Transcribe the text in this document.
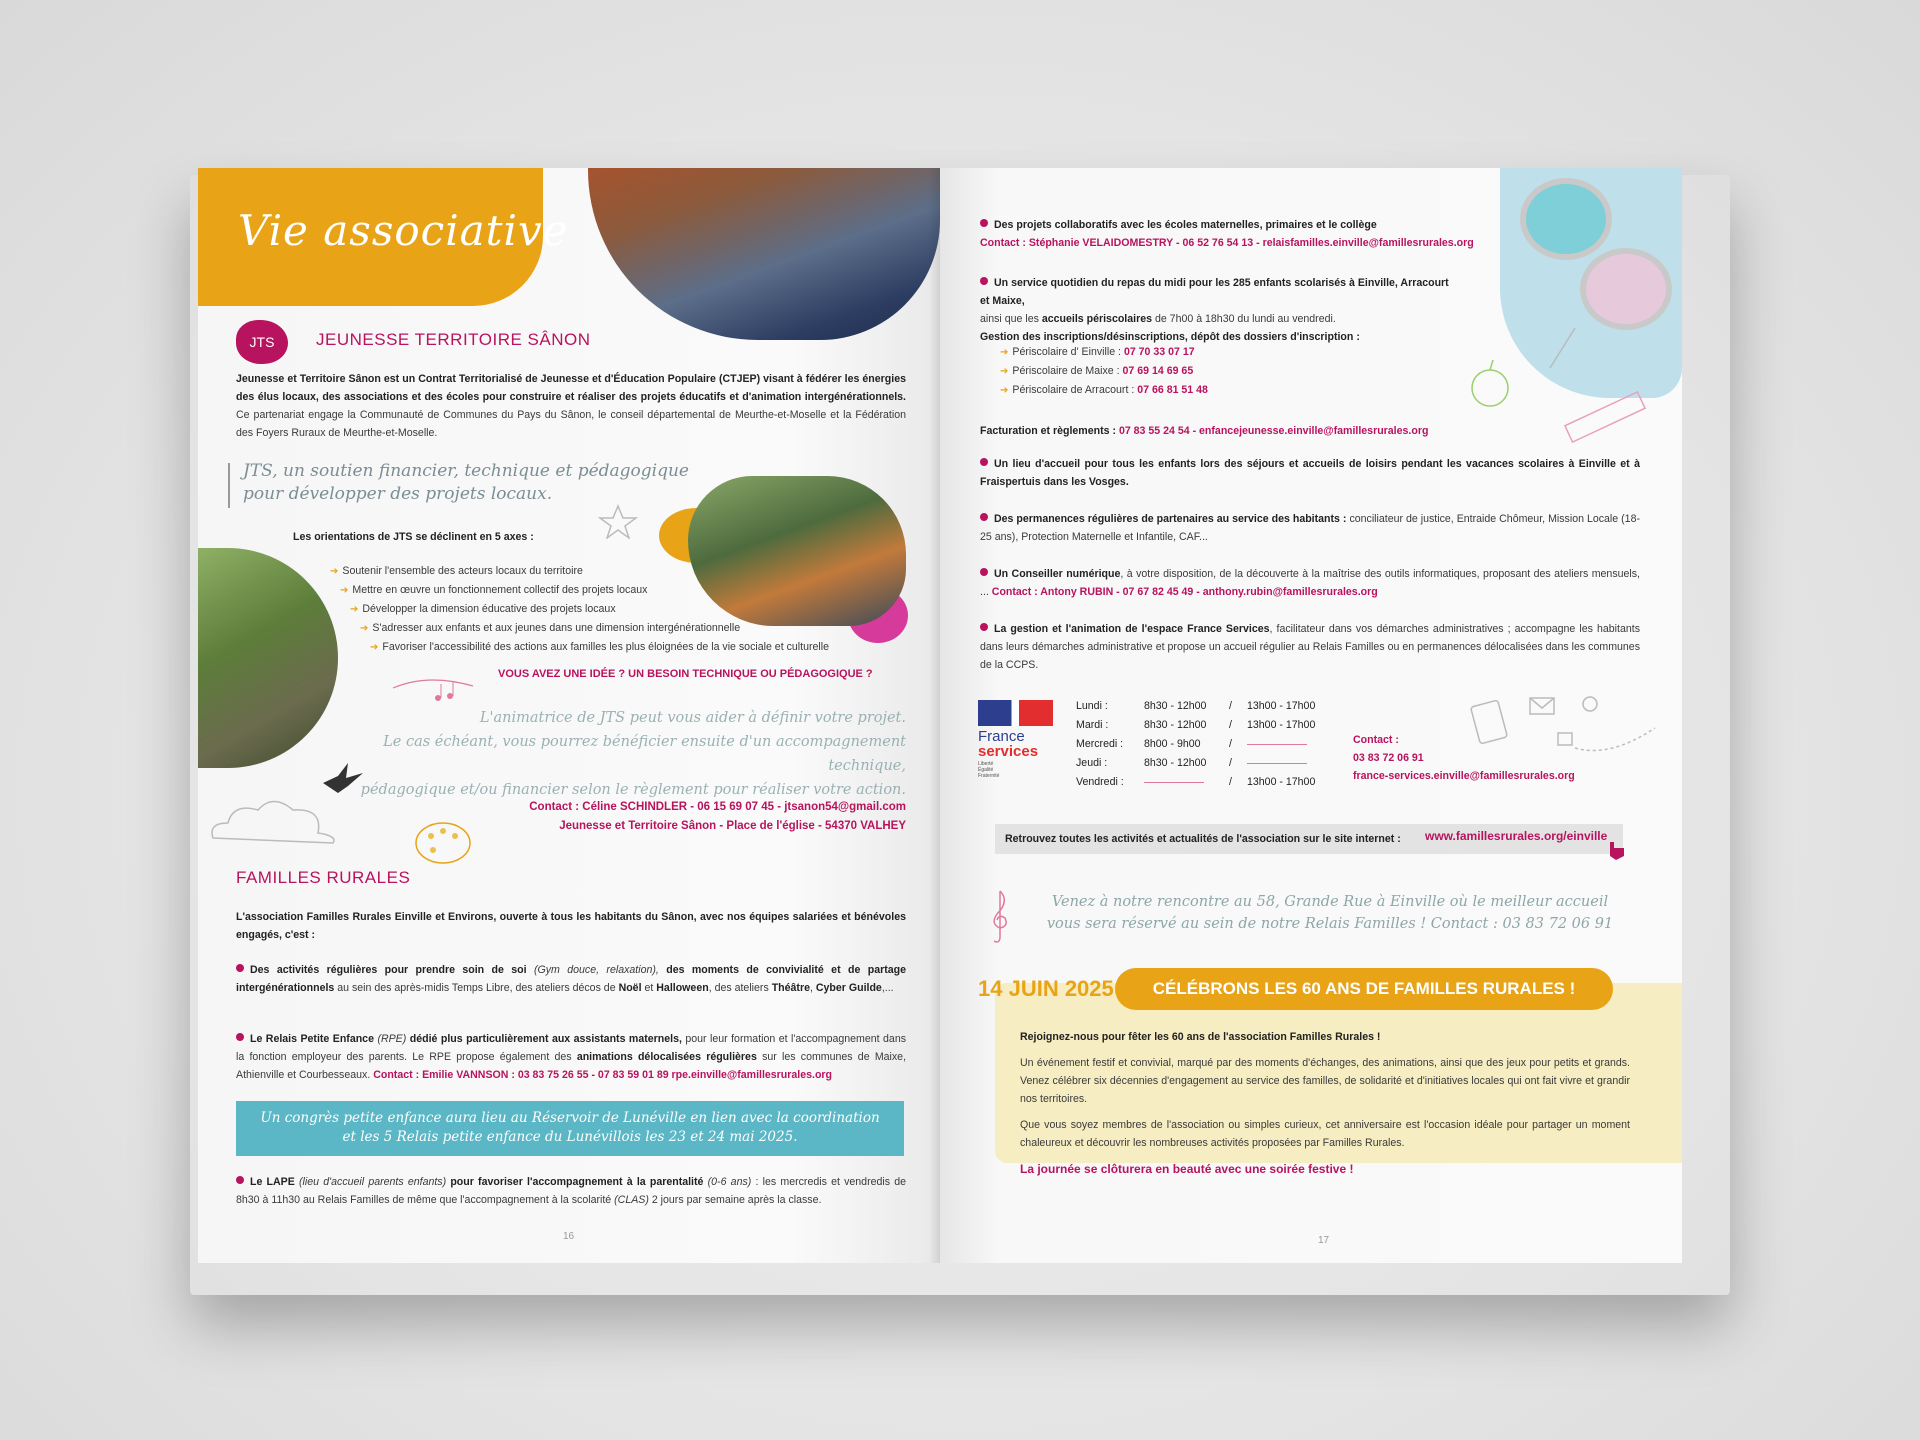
Vie associative
JTS	JEUNESSE TERRITOIRE SÂNON
Jeunesse et Territoire Sânon est un Contrat Territorialisé de Jeunesse et d'Éducation Populaire (CTJEP) visant à fédérer les énergies des élus locaux, des associations et des écoles pour construire et réaliser des projets éducatifs et d'animation intergénérationnels. Ce partenariat engage la Communauté de Communes du Pays du Sânon, le conseil départemental de Meurthe-et-Moselle et la Fédération des Foyers Ruraux de Meurthe-et-Moselle.
JTS, un soutien financier, technique et pédagogique
pour développer des projets locaux.
Les orientations de JTS se déclinent en 5 axes :
➔ Soutenir l'ensemble des acteurs locaux du territoire
➔ Mettre en œuvre un fonctionnement collectif des projets locaux
➔ Développer la dimension éducative des projets locaux
➔ S'adresser aux enfants et aux jeunes dans une dimension intergénérationnelle
➔ Favoriser l'accessibilité des actions aux familles les plus éloignées de la vie sociale et culturelle
VOUS AVEZ UNE IDÉE ? UN BESOIN TECHNIQUE OU PÉDAGOGIQUE ?
L'animatrice de JTS peut vous aider à définir votre projet.
Le cas échéant, vous pourrez bénéficier ensuite d'un accompagnement technique,
pédagogique et/ou financier selon le règlement pour réaliser votre action.
Contact : Céline SCHINDLER - 06 15 69 07 45 - jtsanon54@gmail.com
Jeunesse et Territoire Sânon - Place de l'église - 54370 VALHEY
FAMILLES RURALES
L'association Familles Rurales Einville et Environs, ouverte à tous les habitants du Sânon, avec nos équipes salariées et bénévoles engagés, c'est :
Des activités régulières pour prendre soin de soi (Gym douce, relaxation), des moments de convivialité et de partage intergénérationnels au sein des après-midis Temps Libre, des ateliers décos de Noël et Halloween, des ateliers Théâtre, Cyber Guilde,...
Le Relais Petite Enfance (RPE) dédié plus particulièrement aux assistants maternels, pour leur formation et l'accompagnement dans la fonction employeur des parents. Le RPE propose également des animations délocalisées régulières sur les communes de Maixe, Athienville et Courbesseaux. Contact : Emilie VANNSON : 03 83 75 26 55 - 07 83 59 01 89 rpe.einville@famillesrurales.org
Un congrès petite enfance aura lieu au Réservoir de Lunéville en lien avec la coordination
et les 5 Relais petite enfance du Lunévillois les 23 et 24 mai 2025.
Le LAPE (lieu d'accueil parents enfants) pour favoriser l'accompagnement à la parentalité (0-6 ans) : les mercredis et vendredis de 8h30 à 11h30 au Relais Familles de même que l'accompagnement à la scolarité (CLAS) 2 jours par semaine après la classe.
16
Des projets collaboratifs avec les écoles maternelles, primaires et le collège
Contact : Stéphanie VELAIDOMESTRY - 06 52 76 54 13 - relaisfamilles.einville@famillesrurales.org
Un service quotidien du repas du midi pour les 285 enfants scolarisés à Einville, Arracourt et Maixe,
ainsi que les accueils périscolaires de 7h00 à 18h30 du lundi au vendredi.
Gestion des inscriptions/désinscriptions, dépôt des dossiers d'inscription :
➔ Périscolaire d' Einville : 07 70 33 07 17
➔ Périscolaire de Maixe : 07 69 14 69 65
➔ Périscolaire de Arracourt : 07 66 81 51 48
Facturation et règlements : 07 83 55 24 54 - enfancejeunesse.einville@famillesrurales.org
Un lieu d'accueil pour tous les enfants lors des séjours et accueils de loisirs pendant les vacances scolaires à Einville et à Fraispertuis dans les Vosges.
Des permanences régulières de partenaires au service des habitants : conciliateur de justice, Entraide Chômeur, Mission Locale (18-25 ans), Protection Maternelle et Infantile, CAF...
Un Conseiller numérique, à votre disposition, de la découverte à la maîtrise des outils informatiques, proposant des ateliers mensuels, ... Contact : Antony RUBIN - 07 67 82 45 49 - anthony.rubin@famillesrurales.org
La gestion et l'animation de l'espace France Services, facilitateur dans vos démarches administratives ; accompagne les habitants dans leurs démarches administrative et propose un accueil régulier au Relais Familles ou en permanences délocalisées dans les communes de la CCPS.
France
services
Liberté Égalité Fraternité
Lundi :	8h30 - 12h00 / 13h00 - 17h00
Mardi :	8h30 - 12h00 / 13h00 - 17h00
Mercredi : 8h00 - 9h00	/
Jeudi :	8h30 - 12h00 /
Vendredi :	/ 13h00 - 17h00
Contact :
03 83 72 06 91
france-services.einville@famillesrurales.org
Retrouvez toutes les activités et actualités de l'association sur le site internet : www.famillesrurales.org/einville
Venez à notre rencontre au 58, Grande Rue à Einville où le meilleur accueil
vous sera réservé au sein de notre Relais Familles ! Contact : 03 83 72 06 91
14 JUIN 2025	CÉLÉBRONS LES 60 ANS DE FAMILLES RURALES !
Rejoignez-nous pour fêter les 60 ans de l'association Familles Rurales !
Un événement festif et convivial, marqué par des moments d'échanges, des animations, ainsi que des jeux pour petits et grands. Venez célébrer six décennies d'engagement au service des familles, de solidarité et d'initiatives locales qui ont fait vivre et grandir nos territoires.
Que vous soyez membres de l'association ou simples curieux, cet anniversaire est l'occasion idéale pour partager un moment chaleureux et découvrir les nombreuses activités proposées par Familles Rurales.
La journée se clôturera en beauté avec une soirée festive !
17
